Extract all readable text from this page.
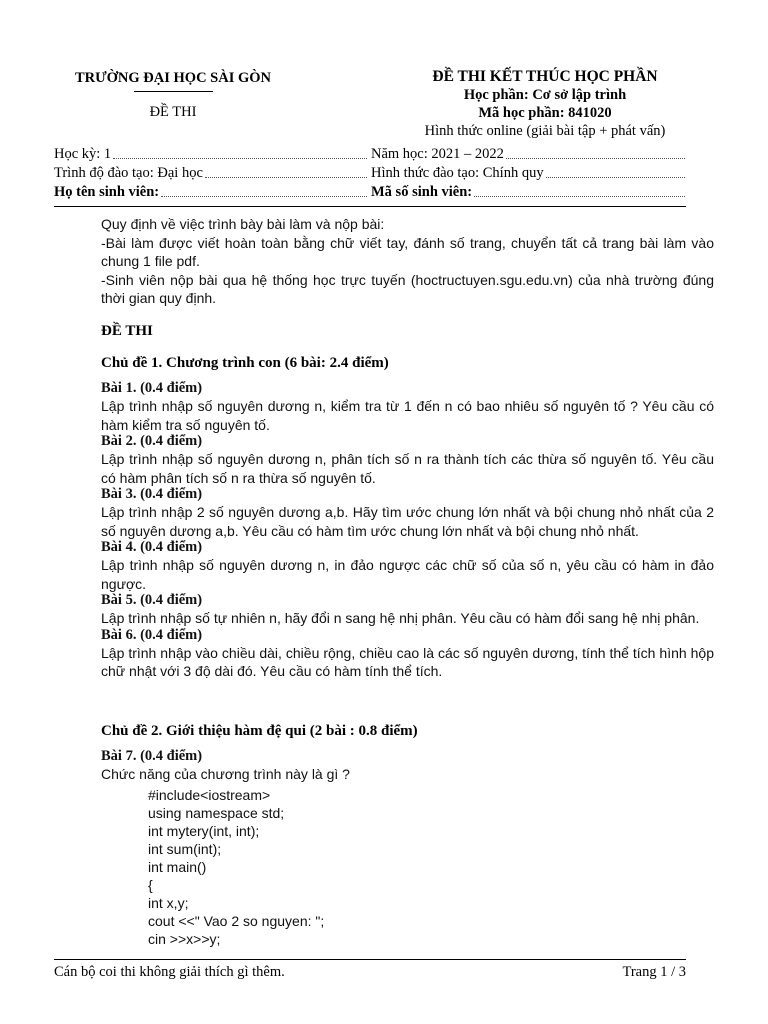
TRƯỜNG ĐẠI HỌC SÀI GÒN
ĐỀ THI
ĐỀ THI KẾT THÚC HỌC PHẦN
Học phần: Cơ sở lập trình
Mã học phần: 841020
Hình thức online (giải bài tập + phát vấn)
Học kỳ: 1	Năm học: 2021 – 2022
Trình độ đào tạo: Đại học	Hình thức đào tạo: Chính quy
Họ tên sinh viên:	Mã số sinh viên:
Quy định về việc trình bày bài làm và nộp bài:
-Bài làm được viết hoàn toàn bằng chữ viết tay, đánh số trang, chuyển tất cả trang bài làm vào chung 1 file pdf.
-Sinh viên nộp bài qua hệ thống học trực tuyến (hoctructuyen.sgu.edu.vn) của nhà trường đúng thời gian quy định.
ĐỀ THI
Chủ đề 1. Chương trình con (6 bài: 2.4 điểm)
Bài 1. (0.4 điểm)
Lập trình nhập số nguyên dương n, kiểm tra từ 1 đến n có bao nhiêu số nguyên tố ? Yêu cầu có hàm kiểm tra số nguyên tố.
Bài 2. (0.4 điểm)
Lập trình nhập số nguyên dương n, phân tích số n ra thành tích các thừa số nguyên tố. Yêu cầu có hàm phân tích số n ra thừa số nguyên tố.
Bài 3. (0.4 điểm)
Lập trình nhập 2 số nguyên dương a,b. Hãy tìm ước chung lớn nhất và bội chung nhỏ nhất của 2 số nguyên dương a,b. Yêu cầu có hàm tìm ước chung lớn nhất và bội chung nhỏ nhất.
Bài 4. (0.4 điểm)
Lập trình nhập số nguyên dương n, in đảo ngược các chữ số của số n, yêu cầu có hàm in đảo ngược.
Bài 5. (0.4 điểm)
Lập trình nhập số tự nhiên n, hãy đổi n sang hệ nhị phân. Yêu cầu có hàm đổi sang hệ nhị phân.
Bài 6. (0.4 điểm)
Lập trình nhập vào chiều dài, chiều rộng, chiều cao là các số nguyên dương, tính thể tích hình hộp chữ nhật với 3 độ dài đó. Yêu cầu có hàm tính thể tích.
Chủ đề 2. Giới thiệu hàm đệ qui (2 bài : 0.8 điểm)
Bài 7. (0.4 điểm)
Chức năng của chương trình này là gì ?
#include<iostream>
using namespace std;
int mytery(int, int);
int sum(int);
int main()
{
int x,y;
cout <<" Vao 2 so nguyen: ";
cin >>x>>y;
Cán bộ coi thi không giải thích gì thêm.	Trang 1 / 3
